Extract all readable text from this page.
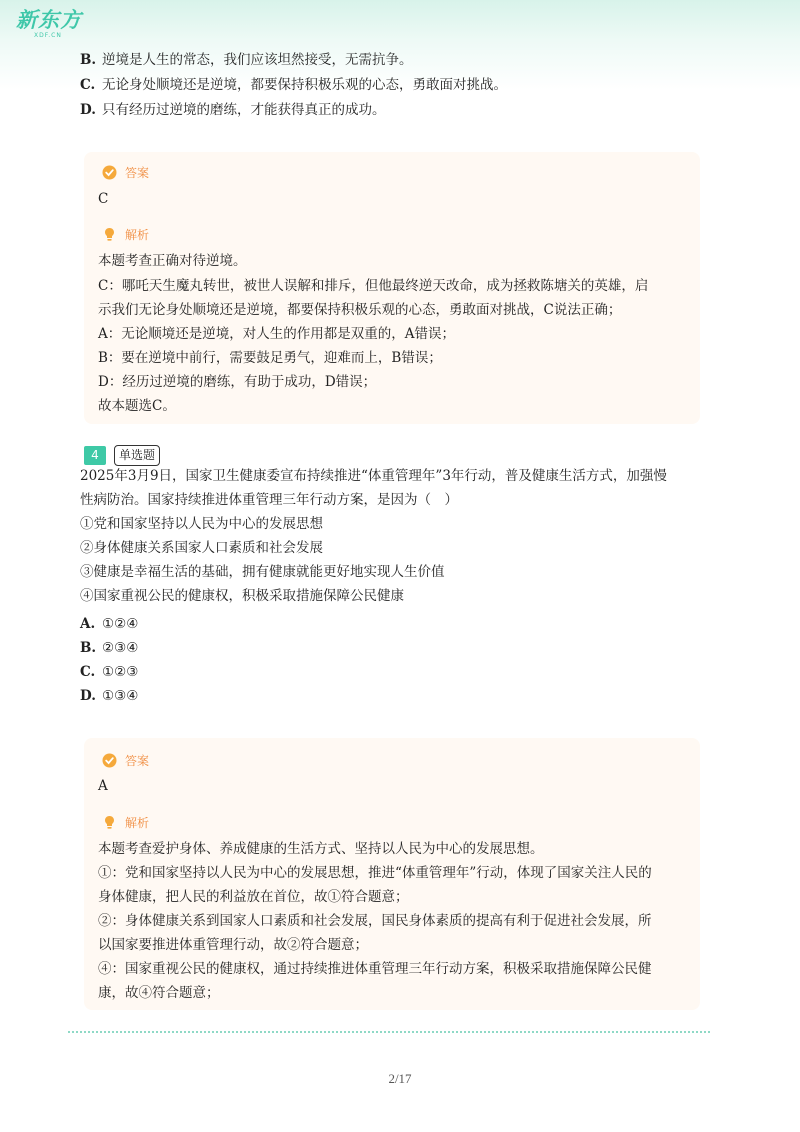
新东方
XDF.CN
B. 逆境是人生的常态，我们应该坦然接受，无需抗争。
C. 无论身处顺境还是逆境，都要保持积极乐观的心态，勇敢面对挑战。
D. 只有经历过逆境的磨练，才能获得真正的成功。
答案
C
解析
本题考查正确对待逆境。
C：哪吒天生魔丸转世，被世人误解和排斥，但他最终逆天改命，成为拯救陈塘关的英雄，启
示我们无论身处顺境还是逆境，都要保持积极乐观的心态，勇敢面对挑战，C说法正确；
A：无论顺境还是逆境，对人生的作用都是双重的，A错误；
B：要在逆境中前行，需要鼓足勇气，迎难而上，B错误；
D：经历过逆境的磨练，有助于成功，D错误；
故本题选C。
4	单选题
2025年3月9日，国家卫生健康委宣布持续推进“体重管理年”3年行动，普及健康生活方式，加强慢
性病防治。国家持续推进体重管理三年行动方案，是因为（　）
①党和国家坚持以人民为中心的发展思想
②身体健康关系国家人口素质和社会发展
③健康是幸福生活的基础，拥有健康就能更好地实现人生价值
④国家重视公民的健康权，积极采取措施保障公民健康
A. ①②④
B. ②③④
C. ①②③
D. ①③④
答案
A
解析
本题考查爱护身体、养成健康的生活方式、坚持以人民为中心的发展思想。
①：党和国家坚持以人民为中心的发展思想，推进“体重管理年”行动，体现了国家关注人民的
身体健康，把人民的利益放在首位，故①符合题意；
②：身体健康关系到国家人口素质和社会发展，国民身体素质的提高有利于促进社会发展，所
以国家要推进体重管理行动，故②符合题意；
④：国家重视公民的健康权，通过持续推进体重管理三年行动方案，积极采取措施保障公民健
康，故④符合题意；
2/17
